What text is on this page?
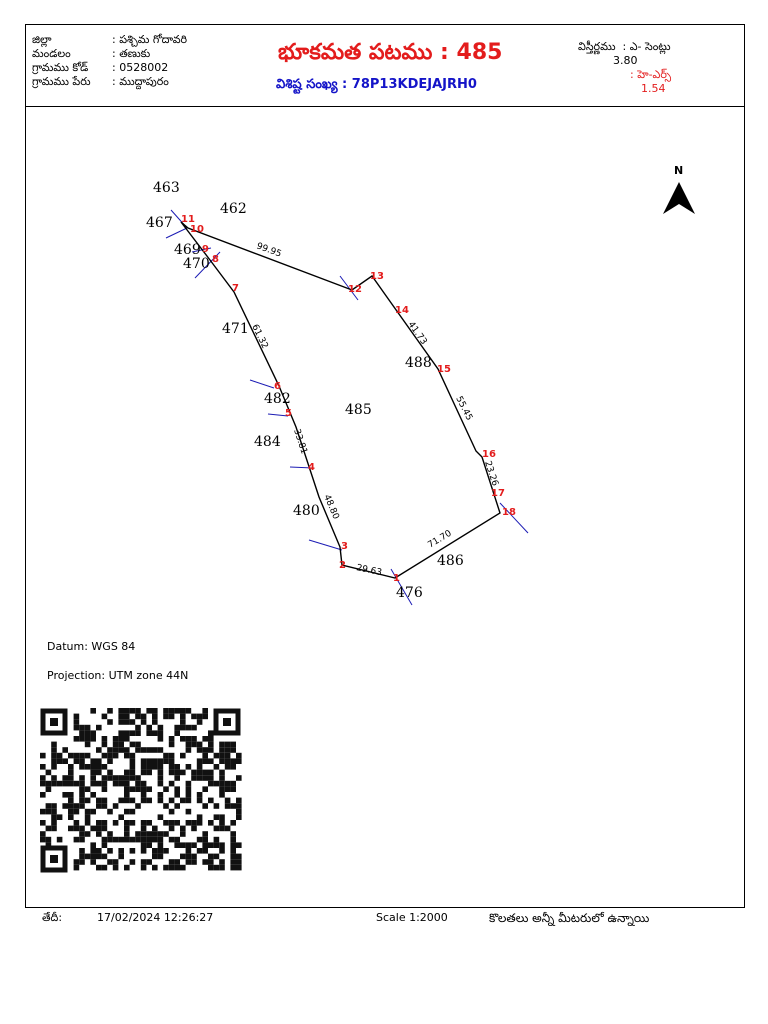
జిల్లా	: పశ్చిమ గోదావరి
మండలం	: తణుకు
గ్రామము కోడ్	: 0528002
గ్రామము పేరు	: ముద్దాపురం
భూకమత పటము : 485
విశిష్ట సంఖ్య : 78P13KDEJAJRH0
విస్తీర్ణము : ఎ- సెంట్లు
3.80
: హె-ఎర్స్
1.54
N
485
463
462
467
469
470
471
482
484
480
488
486
476
1
2
3
4
5
6
7
8
9
10
11
12
13
14
15
16
17
18
99.95
61.32
33.81
48.80
29.63
71.70
23.26
55.45
41.73
Datum: WGS 84
Projection: UTM zone 44N
తేదీ:	17/02/2024 12:26:27	Scale 1:2000	కొలతలు అన్నీ మీటరులో ఉన్నాయి
